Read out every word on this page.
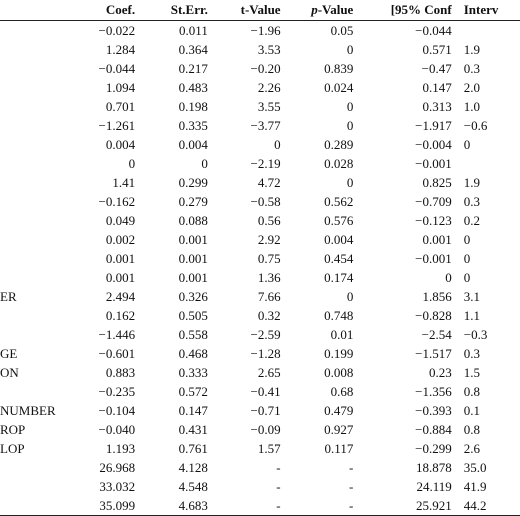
	Coef.	St.Err.	t-Value	p-Value	[95% Conf	Interv
	−0.022	0.011	−1.96	0.05	−0.044	
	1.284	0.364	3.53	0	0.571	1.9
	−0.044	0.217	−0.20	0.839	−0.47	0.3
	1.094	0.483	2.26	0.024	0.147	2.0
	0.701	0.198	3.55	0	0.313	1.0
	−1.261	0.335	−3.77	0	−1.917	−0.6
	0.004	0.004	0	0.289	−0.004	0
	0	0	−2.19	0.028	−0.001	
	1.41	0.299	4.72	0	0.825	1.9
	−0.162	0.279	−0.58	0.562	−0.709	0.3
	0.049	0.088	0.56	0.576	−0.123	0.2
	0.002	0.001	2.92	0.004	0.001	0
	0.001	0.001	0.75	0.454	−0.001	0
	0.001	0.001	1.36	0.174	0	0
ER	2.494	0.326	7.66	0	1.856	3.1
	0.162	0.505	0.32	0.748	−0.828	1.1
	−1.446	0.558	−2.59	0.01	−2.54	−0.3
GE	−0.601	0.468	−1.28	0.199	−1.517	0.3
ON	0.883	0.333	2.65	0.008	0.23	1.5
	−0.235	0.572	−0.41	0.68	−1.356	0.8
NUMBER	−0.104	0.147	−0.71	0.479	−0.393	0.1
ROP	−0.040	0.431	−0.09	0.927	−0.884	0.8
LOP	1.193	0.761	1.57	0.117	−0.299	2.6
	26.968	4.128	-	-	18.878	35.0
	33.032	4.548	-	-	24.119	41.9
	35.099	4.683	-	-	25.921	44.2
